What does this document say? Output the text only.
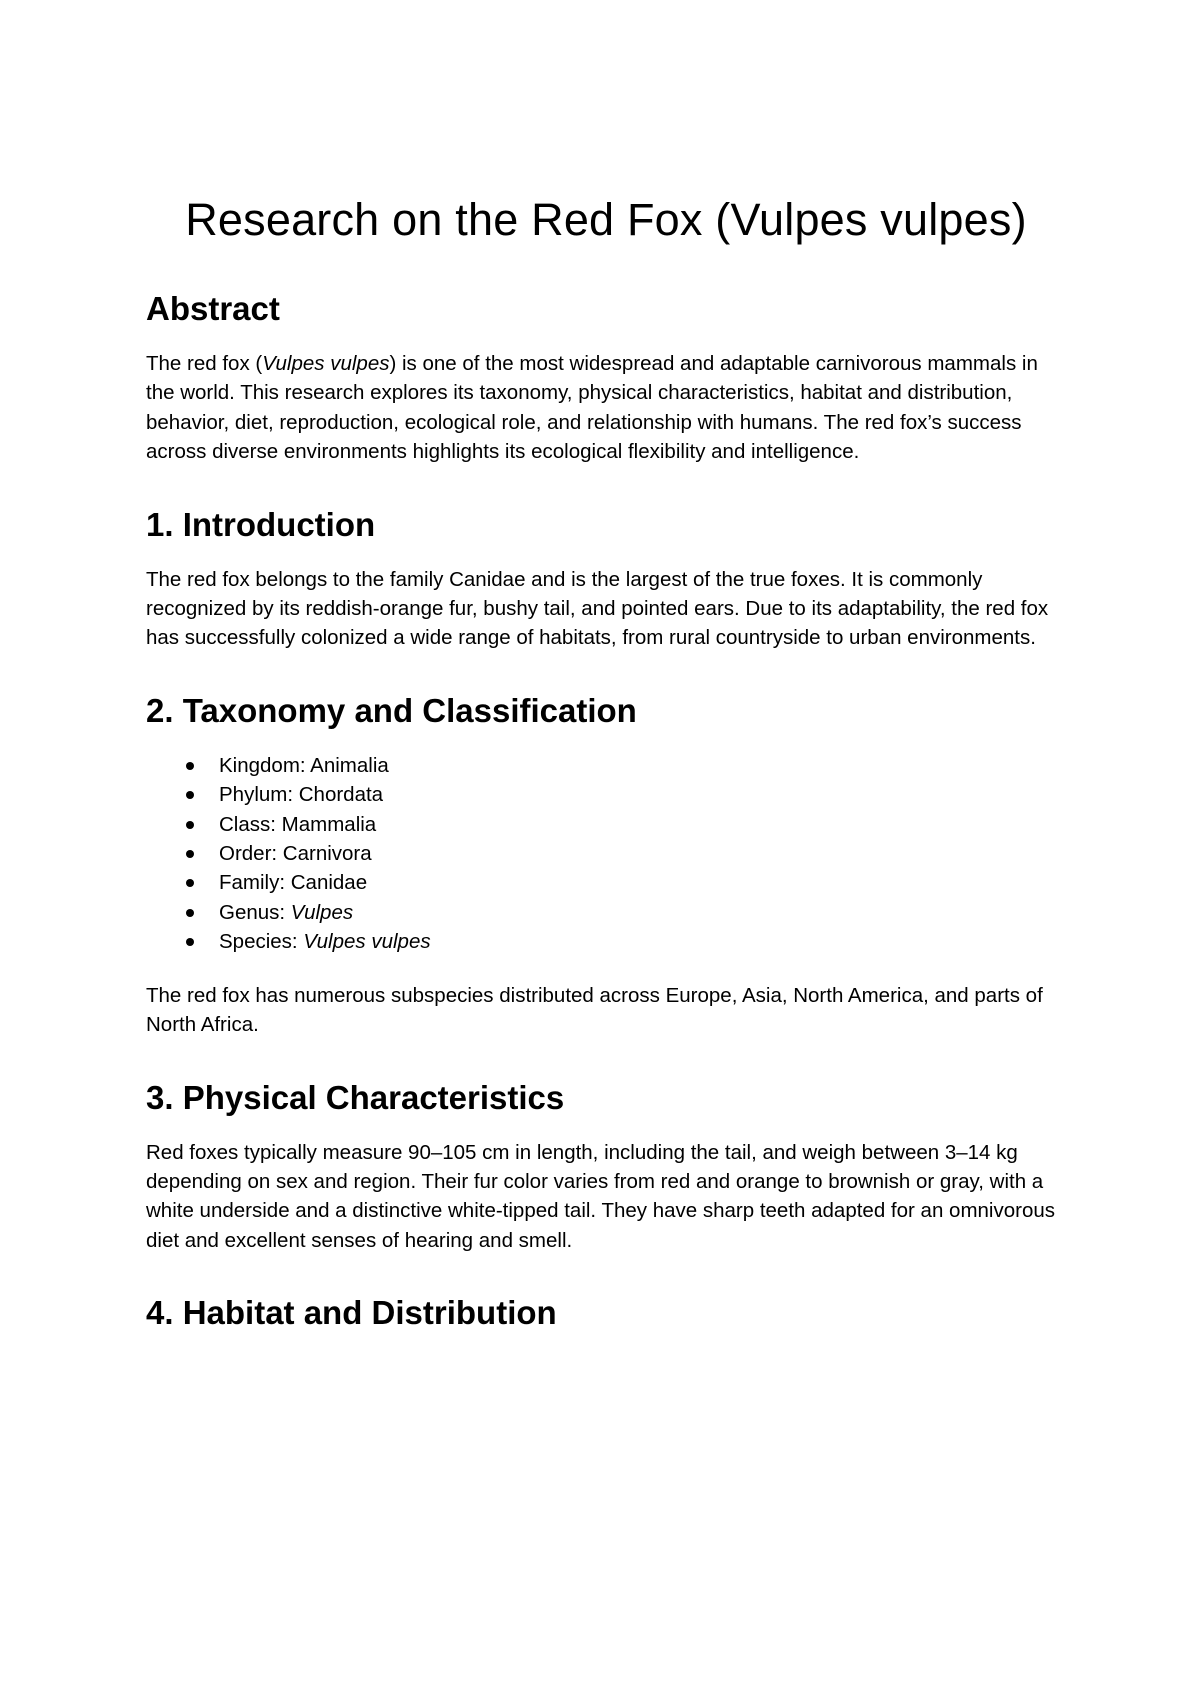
Research on the Red Fox (Vulpes vulpes)
Abstract

The red fox (Vulpes vulpes) is one of the most widespread and adaptable carnivorous mammals in the world. This research explores its taxonomy, physical characteristics, habitat and distribution, behavior, diet, reproduction, ecological role, and relationship with humans. The red fox’s success across diverse environments highlights its ecological flexibility and intelligence.

1. Introduction

The red fox belongs to the family Canidae and is the largest of the true foxes. It is commonly recognized by its reddish-orange fur, bushy tail, and pointed ears. Due to its adaptability, the red fox has successfully colonized a wide range of habitats, from rural countryside to urban environments.

2. Taxonomy and Classification
Kingdom: Animalia
Phylum: Chordata
Class: Mammalia
Order: Carnivora
Family: Canidae
Genus: Vulpes
Species: Vulpes vulpes

The red fox has numerous subspecies distributed across Europe, Asia, North America, and parts of North Africa.

3. Physical Characteristics

Red foxes typically measure 90–105 cm in length, including the tail, and weigh between 3–14 kg depending on sex and region. Their fur color varies from red and orange to brownish or gray, with a white underside and a distinctive white-tipped tail. They have sharp teeth adapted for an omnivorous diet and excellent senses of hearing and smell.

4. Habitat and Distribution
